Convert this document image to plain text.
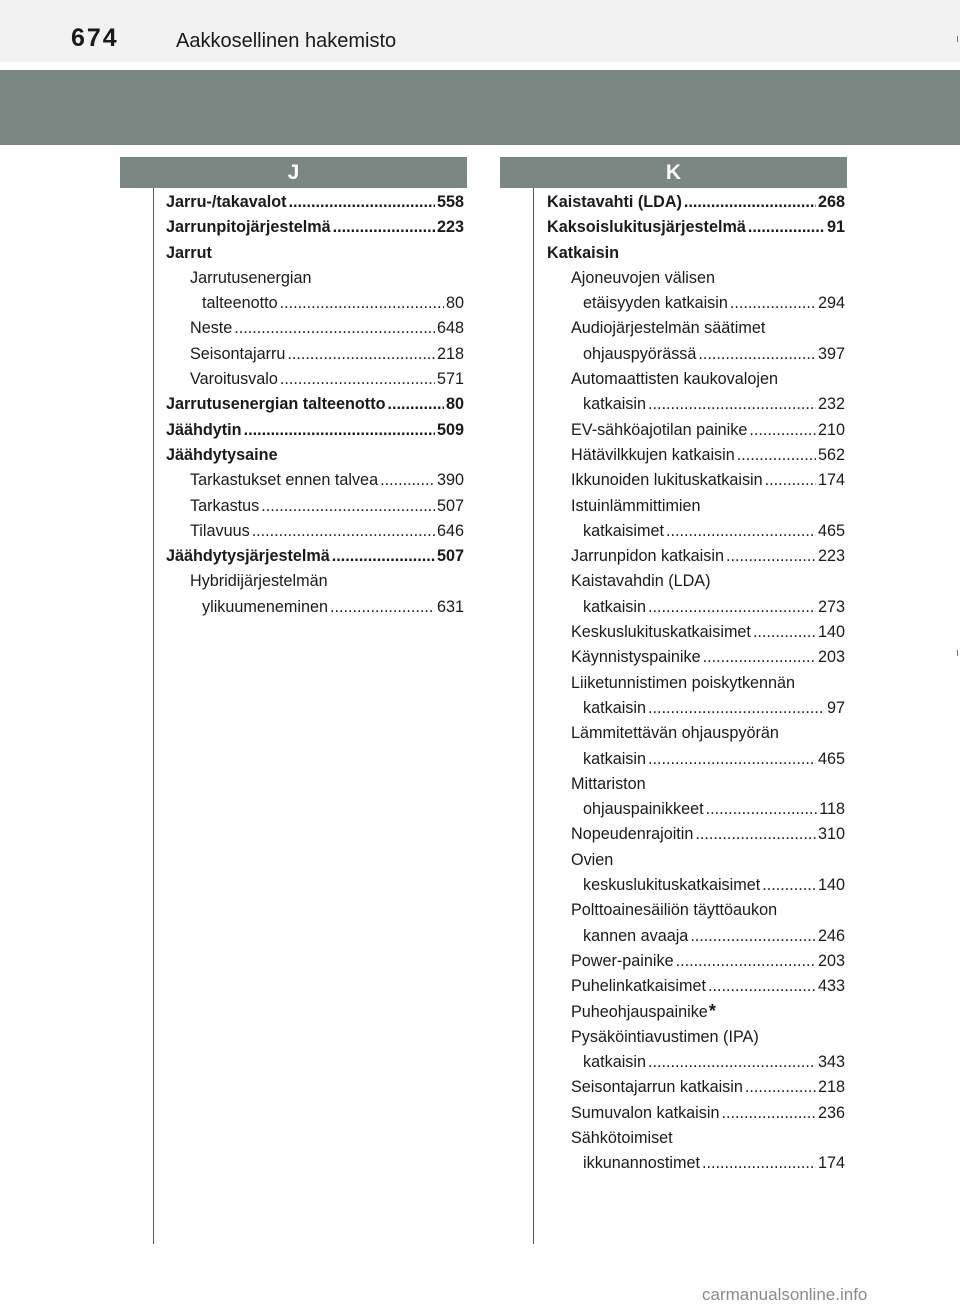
674	Aakkosellinen hakemisto
J	K
Jarru-/takavalot .....	558
Jarrunpitojärjestelmä .....	223
Jarrut
Jarrutusenergian
talteenotto .....	80
Neste .....	648
Seisontajarru .....	218
Varoitusvalo .....	571
Jarrutusenergian talteenotto .....	80
Jäähdytin .....	509
Jäähdytysaine
Tarkastukset ennen talvea .....	390
Tarkastus .....	507
Tilavuus .....	646
Jäähdytysjärjestelmä .....	507
Hybridijärjestelmän
ylikuumeneminen .....	631
Kaistavahti (LDA) .....	268
Kaksoislukitusjärjestelmä .....	91
Katkaisin
Ajoneuvojen välisen
etäisyyden katkaisin .....	294
Audiojärjestelmän säätimet
ohjauspyörässä .....	397
Automaattisten kaukovalojen
katkaisin .....	232
EV-sähköajotilan painike .....	210
Hätävilkkujen katkaisin .....	562
Ikkunoiden lukituskatkaisin .....	174
Istuinlämmittimien
katkaisimet .....	465
Jarrunpidon katkaisin .....	223
Kaistavahdin (LDA)
katkaisin .....	273
Keskuslukituskatkaisimet .....	140
Käynnistyspainike .....	203
Liiketunnistimen poiskytkennän
katkaisin .....	97
Lämmitettävän ohjauspyörän
katkaisin .....	465
Mittariston
ohjauspainikkeet .....	118
Nopeudenrajoitin .....	310
Ovien
keskuslukituskatkaisimet .....	140
Polttoainesäiliön täyttöaukon
kannen avaaja .....	246
Power-painike .....	203
Puhelinkatkaisimet .....	433
Puheohjauspainike *
Pysäköintiavustimen (IPA)
katkaisin .....	343
Seisontajarrun katkaisin .....	218
Sumuvalon katkaisin .....	236
Sähkötoimiset
ikkunannostimet .....	174
carmanualsonline.info
